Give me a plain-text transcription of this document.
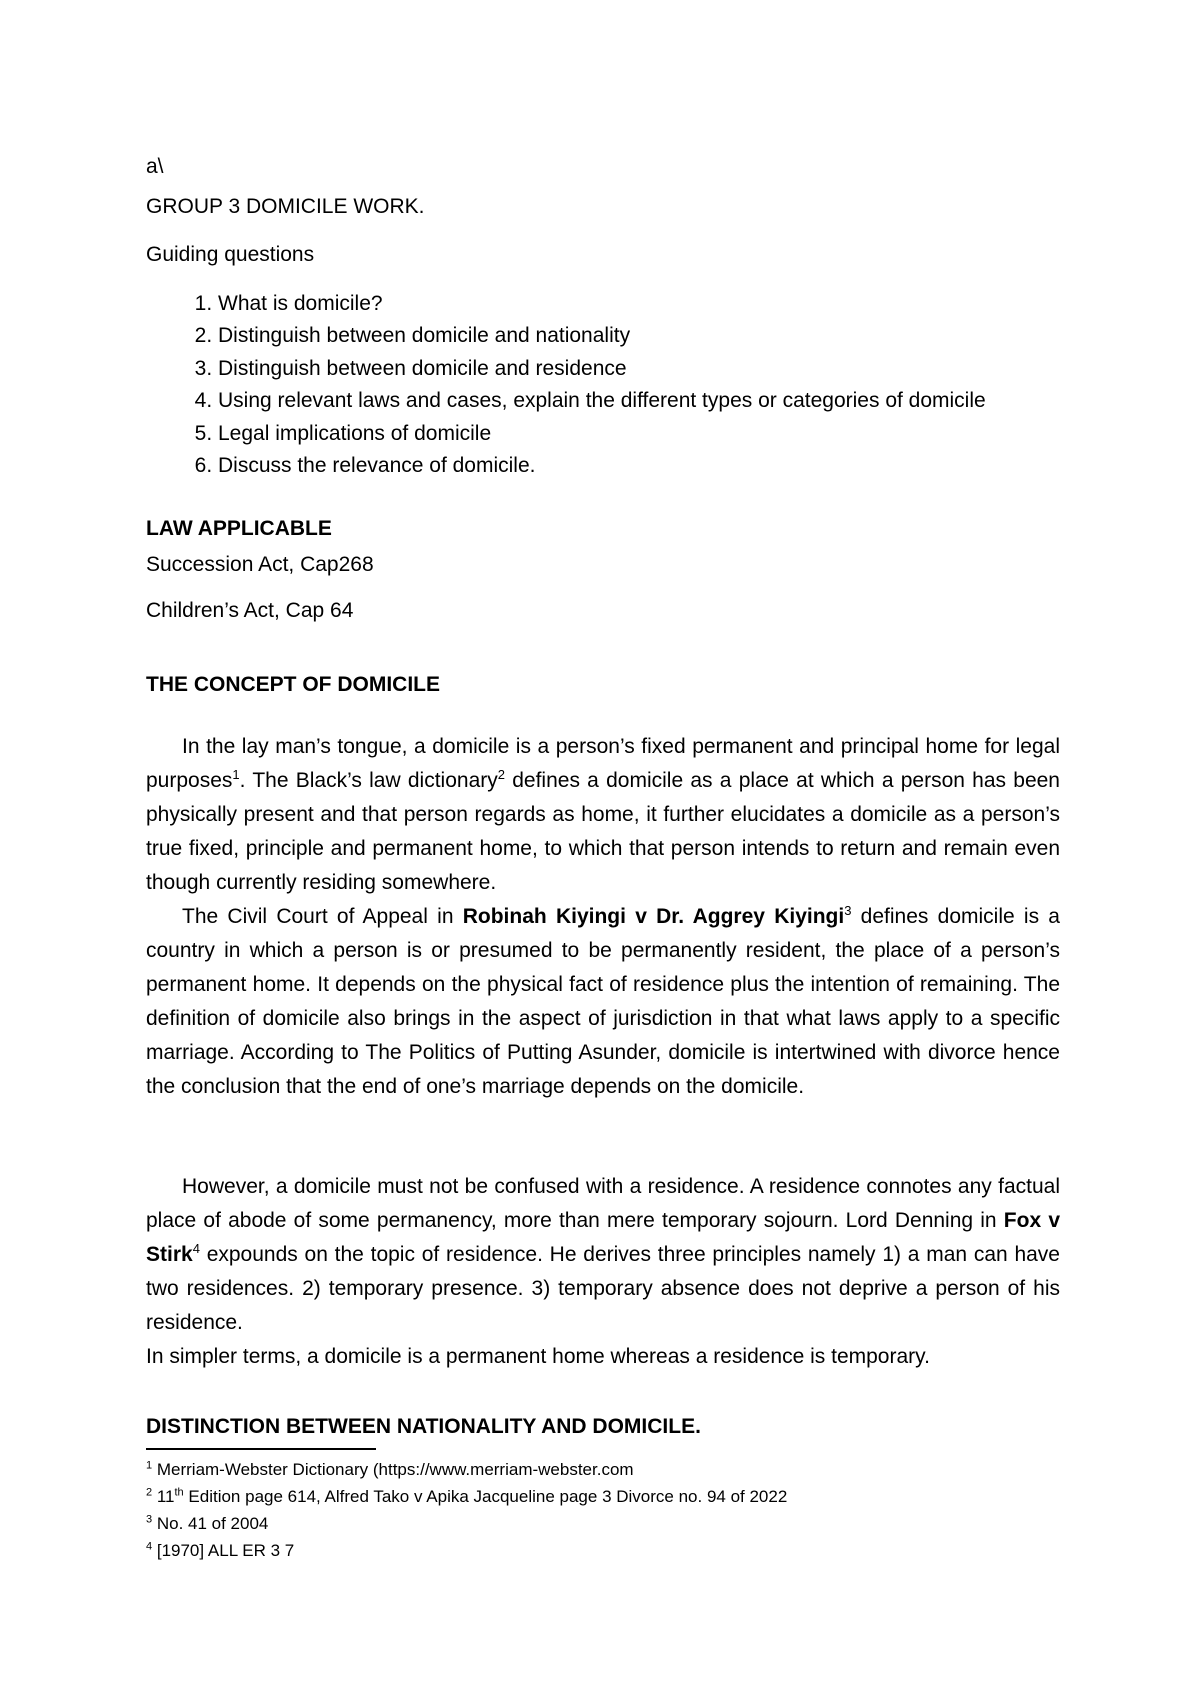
a\

GROUP 3 DOMICILE WORK.

Guiding questions

1. What is domicile?
2. Distinguish between domicile and nationality
3. Distinguish between domicile and residence
4. Using relevant laws and cases, explain the different types or categories of domicile
5. Legal implications of domicile
6. Discuss the relevance of domicile.

LAW APPLICABLE

Succession Act, Cap268

Children’s Act, Cap 64

THE CONCEPT OF DOMICILE

In the lay man’s tongue, a domicile is a person’s fixed permanent and principal home for legal purposes$^1$. The Black’s law dictionary$^2$ defines a domicile as a place at which a person has been physically present and that person regards as home, it further elucidates a domicile as a person’s true fixed, principle and permanent home, to which that person intends to return and remain even though currently residing somewhere.

The Civil Court of Appeal in Robinah Kiyingi v Dr. Aggrey Kiyingi$^3$ defines domicile is a country in which a person is or presumed to be permanently resident, the place of a person’s permanent home. It depends on the physical fact of residence plus the intention of remaining. The definition of domicile also brings in the aspect of jurisdiction in that what laws apply to a specific marriage. According to The Politics of Putting Asunder, domicile is intertwined with divorce hence the conclusion that the end of one’s marriage depends on the domicile.

However, a domicile must not be confused with a residence. A residence connotes any factual place of abode of some permanency, more than mere temporary sojourn. Lord Denning in Fox v Stirk$^4$ expounds on the topic of residence. He derives three principles namely 1) a man can have two residences. 2) temporary presence. 3) temporary absence does not deprive a person of his residence.

In simpler terms, a domicile is a permanent home whereas a residence is temporary.

DISTINCTION BETWEEN NATIONALITY AND DOMICILE.

$^1$ Merriam-Webster Dictionary (https://www.merriam-webster.com
$^2$ 11th Edition page 614, Alfred Tako v Apika Jacqueline page 3 Divorce no. 94 of 2022
$^3$ No. 41 of 2004
$^4$ [1970] ALL ER 3 7
